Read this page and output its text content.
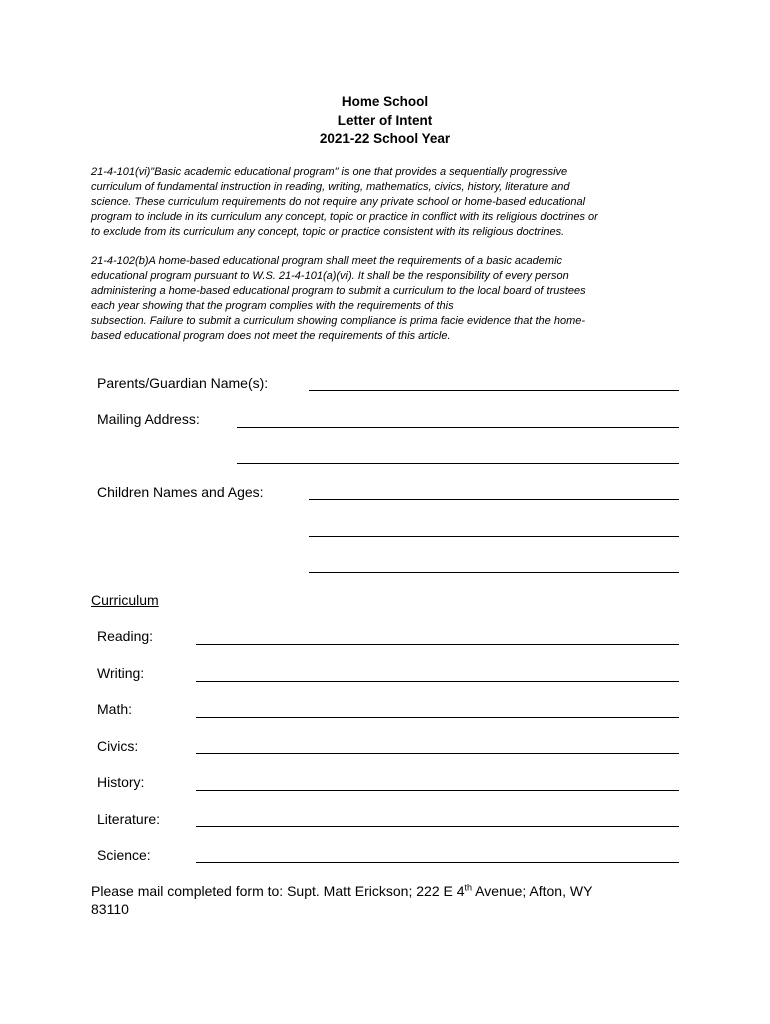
Home School
Letter of Intent
2021-22 School Year
21-4-101(vi)"Basic academic educational program" is one that provides a sequentially progressive
curriculum of fundamental instruction in reading, writing, mathematics, civics, history, literature and
science. These curriculum requirements do not require any private school or home-based educational
program to include in its curriculum any concept, topic or practice in conflict with its religious doctrines or
to exclude from its curriculum any concept, topic or practice consistent with its religious doctrines.
21-4-102(b)A home-based educational program shall meet the requirements of a basic academic
educational program pursuant to W.S. 21-4-101(a)(vi). It shall be the responsibility of every person
administering a home-based educational program to submit a curriculum to the local board of trustees
each year showing that the program complies with the requirements of this
subsection. Failure to submit a curriculum showing compliance is prima facie evidence that the home-
based educational program does not meet the requirements of this article.
Parents/Guardian Name(s):
Mailing Address:
Children Names and Ages:
Curriculum
Reading:
Writing:
Math:
Civics:
History:
Literature:
Science:
Please mail completed form to: Supt. Matt Erickson; 222 E 4th Avenue; Afton, WY
83110
